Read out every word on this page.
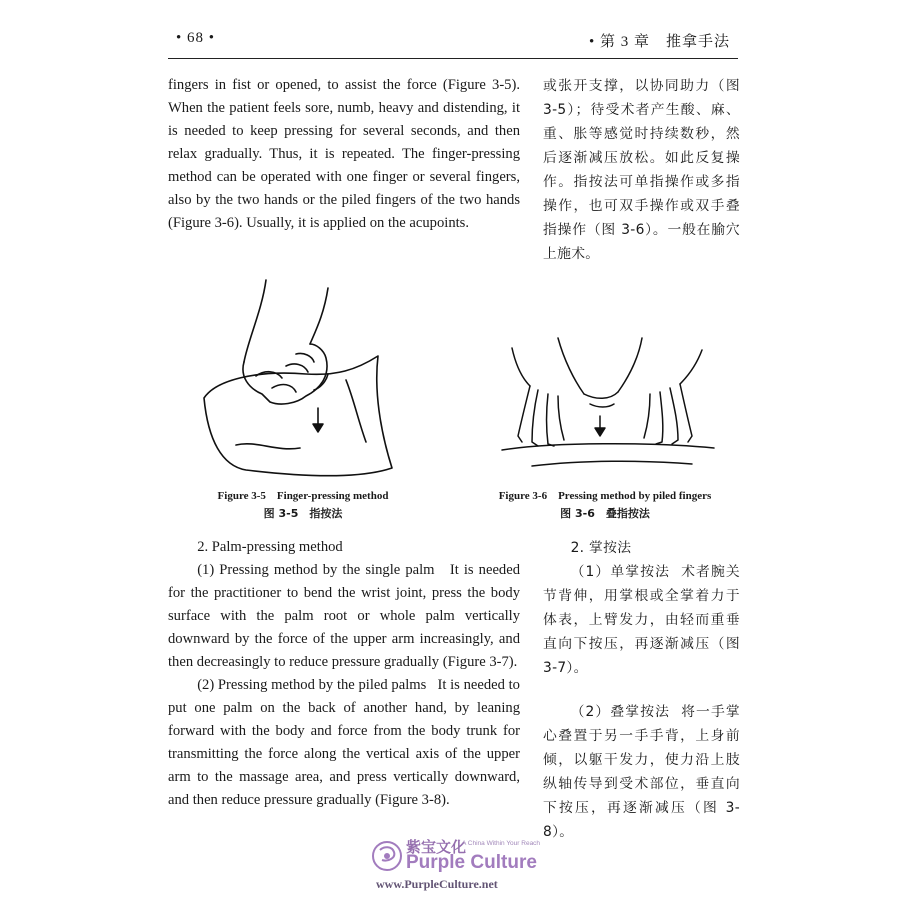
• 68 •	• 第 3 章　推拿手法

fingers in fist or opened, to assist the force (Figure 3-5). When the patient feels sore, numb, heavy and distending, it is needed to keep pressing for several seconds, and then relax gradually. Thus, it is repeated. The finger-pressing method can be operated with one finger or several fingers, also by the two hands or the piled fingers of the two hands (Figure 3-6). Usually, it is applied on the acupoints.

或张开支撑，以协同助力（图3-5）；待受术者产生酸、麻、重、胀等感觉时持续数秒，然后逐渐减压放松。如此反复操作。指按法可单指操作或多指操作，也可双手操作或双手叠指操作（图 3-6）。一般在腧穴上施术。

Figure 3-5　Finger-pressing method
图 3-5　指按法
Figure 3-6　Pressing method by piled fingers
图 3-6　叠指按法

2. Palm-pressing method

(1) Pressing method by the single palm It is needed for the practitioner to bend the wrist joint, press the body surface with the palm root or whole palm vertically downward by the force of the upper arm increasingly, and then decreasingly to reduce pressure gradually (Figure 3-7).

(2) Pressing method by the piled palms It is needed to put one palm on the back of another hand, by leaning forward with the body and force from the body trunk for transmitting the force along the vertical axis of the upper arm to the massage area, and press vertically downward, and then reduce pressure gradually (Figure 3-8).

2. 掌按法

（1）单掌按法 术者腕关节背伸，用掌根或全掌着力于体表，上臂发力，由轻而重垂直向下按压，再逐渐减压（图 3-7）。

（2）叠掌按法 将一手掌心叠置于另一手手背，上身前倾，以躯干发力，使力沿上肢纵轴传导到受术部位，垂直向下按压，再逐渐减压（图 3-8）。

紫宝文化
A China Within Your Reach
Purple Culture
www.PurpleCulture.net
